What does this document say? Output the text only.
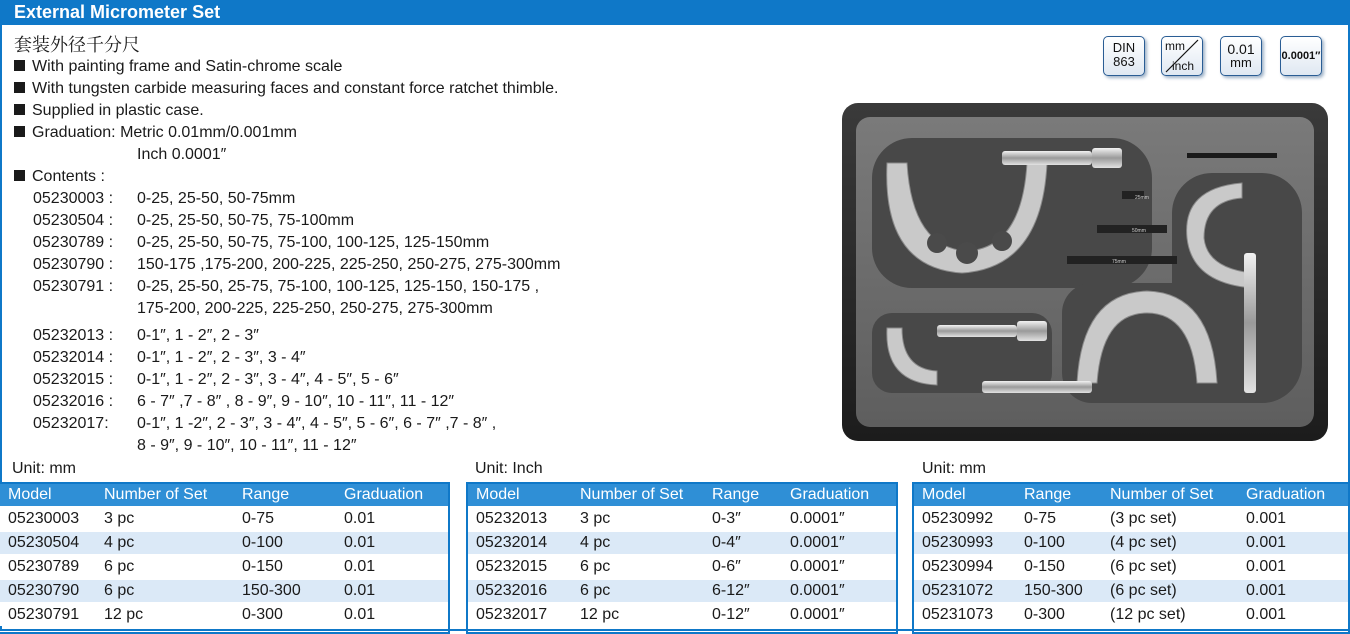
External Micrometer Set
套装外径千分尺
With painting frame and Satin-chrome scale
With tungsten carbide measuring faces and constant force ratchet thimble.
Supplied in plastic case.
Graduation: Metric 0.01mm/0.001mm
Inch 0.0001″
Contents :
05230003 : 0-25, 25-50, 50-75mm
05230504 : 0-25, 25-50, 50-75, 75-100mm
05230789 : 0-25, 25-50, 50-75, 75-100, 100-125, 125-150mm
05230790 : 150-175 ,175-200, 200-225, 225-250, 250-275, 275-300mm
05230791 : 0-25, 25-50, 25-75, 75-100, 100-125, 125-150, 150-175 ,
175-200, 200-225, 225-250, 250-275, 275-300mm
05232013 : 0-1″, 1 - 2″, 2 - 3″
05232014 : 0-1″, 1 - 2″, 2 - 3″, 3 - 4″
05232015 : 0-1″, 1 - 2″, 2 - 3″, 3 - 4″, 4 - 5″, 5 - 6″
05232016 : 6 - 7″ ,7 - 8″ , 8 - 9″, 9 - 10″, 10 - 11″, 11 - 12″
05232017: 0-1″, 1 -2″, 2 - 3″, 3 - 4″, 4 - 5″, 5 - 6″, 6 - 7″ ,7 - 8″ ,
8 - 9″, 9 - 10″, 10 - 11″, 11 - 12″
DIN
863
mm
inch
0.01
mm	0.0001″
25mm
50mm
75mm
Unit: mm	Unit: Inch	Unit: mm
Model	Number of Set	Range	Graduation
05230003	3 pc	0-75	0.01
05230504	4 pc	0-100	0.01
05230789	6 pc	0-150	0.01
05230790	6 pc	150-300	0.01
05230791	12 pc	0-300	0.01
Model	Number of Set	Range	Graduation
05232013	3 pc	0-3″	0.0001″
05232014	4 pc	0-4″	0.0001″
05232015	6 pc	0-6″	0.0001″
05232016	6 pc	6-12″	0.0001″
05232017	12 pc	0-12″	0.0001″
Model	Range	Number of Set	Graduation
05230992	0-75	(3 pc set)	0.001
05230993	0-100	(4 pc set)	0.001
05230994	0-150	(6 pc set)	0.001
05231072	150-300	(6 pc set)	0.001
05231073	0-300	(12 pc set)	0.001
